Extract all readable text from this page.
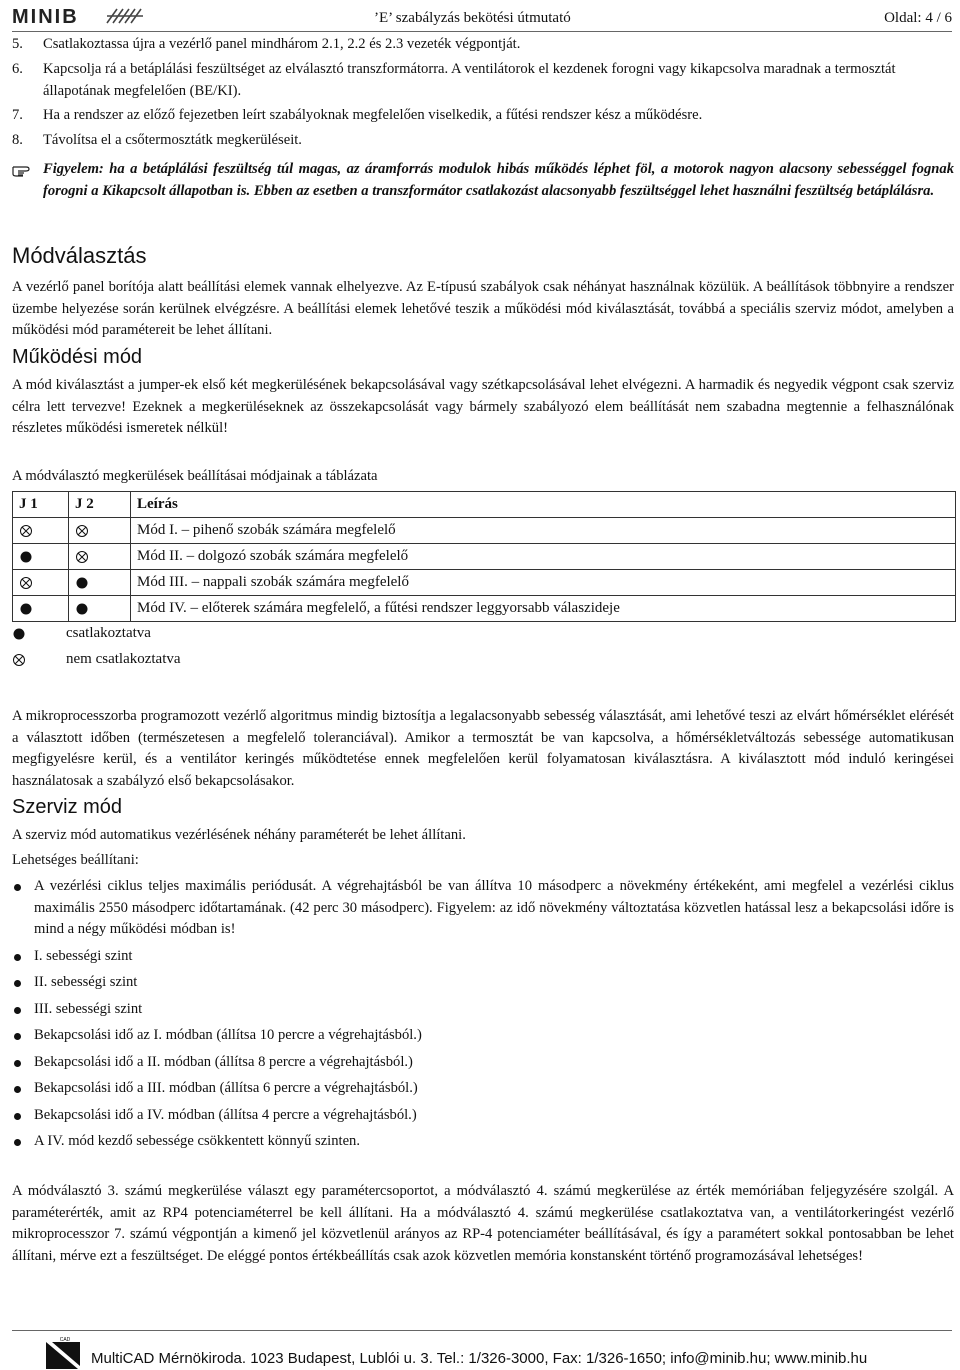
MINIB	’E’ szabályzás bekötési útmutató	Oldal: 4 / 6
5.	Csatlakoztassa újra a vezérlő panel mindhárom 2.1, 2.2 és 2.3 vezeték végpontját.
6.	Kapcsolja rá a betáplálási feszültséget az elválasztó transzformátorra. A ventilátorok el kezdenek forogni vagy kikapcsolva maradnak a termosztát állapotának megfelelően (BE/KI).
7.	Ha a rendszer az előző fejezetben leírt szabályoknak megfelelően viselkedik, a fűtési rendszer kész a működésre.
8.	Távolítsa el a csőtermosztátk megkerüléseit.
Figyelem: ha a betáplálási feszültség túl magas, az áramforrás modulok hibás működés léphet föl, a motorok nagyon alacsony sebességgel fognak forogni a Kikapcsolt állapotban is. Ebben az esetben a transzformátor csatlakozást alacsonyabb feszültséggel lehet használni feszültség betáplálásra.
Módválasztás
A vezérlő panel borítója alatt beállítási elemek vannak elhelyezve. Az E-típusú szabályok csak néhányat használnak közülük. A beállítások többnyire a rendszer üzembe helyezése során kerülnek elvégzésre. A beállítási elemek lehetővé teszik a működési mód kiválasztását, továbbá a speciális szerviz módot, amelyben a működési mód paramétereit be lehet állítani.
Működési mód
A mód kiválasztást a jumper-ek első két megkerülésének bekapcsolásával vagy szétkapcsolásával lehet elvégezni. A harmadik és negyedik végpont csak szerviz célra lett tervezve! Ezeknek a megkerüléseknek az összekapcsolását vagy bármely szabályozó elem beállítását nem szabadna megtennie a felhasználónak részletes működési ismeretek nélkül!
A módválasztó megkerülések beállításai módjainak a táblázata
J 1	J 2	Leírás
		Mód I. – pihenő szobák számára megfelelő
		Mód II. – dolgozó szobák számára megfelelő
		Mód III. – nappali szobák számára megfelelő
		Mód IV. – előterek számára megfelelő, a fűtési rendszer leggyorsabb válaszideje
csatlakoztatva
nem csatlakoztatva
A mikroprocesszorba programozott vezérlő algoritmus mindig biztosítja a legalacsonyabb sebesség választását, ami lehetővé teszi az elvárt hőmérséklet elérését a választott időben (természetesen a megfelelő toleranciával). Amikor a termosztát be van kapcsolva, a hőmérsékletváltozás sebessége automatikusan megfigyelésre kerül, és a ventilátor keringés működtetése ennek megfelelően kerül folyamatosan kiválasztásra. A kiválasztott mód induló keringései használatosak a szabályzó első bekapcsolásakor.
Szerviz mód
A szerviz mód automatikus vezérlésének néhány paraméterét be lehet állítani.
Lehetséges beállítani:
A vezérlési ciklus teljes maximális periódusát. A végrehajtásból be van állítva 10 másodperc a növekmény értékeként, ami megfelel a vezérlési ciklus maximális 2550 másodperc időtartamának. (42 perc 30 másodperc). Figyelem: az idő növekmény változtatása közvetlen hatással lesz a bekapcsolási időre is mind a négy működési módban is!
I. sebességi szint
II. sebességi szint
III. sebességi szint
Bekapcsolási idő az I. módban (állítsa 10 percre a végrehajtásból.)
Bekapcsolási idő a II. módban (állítsa 8 percre a végrehajtásból.)
Bekapcsolási idő a III. módban (állítsa 6 percre a végrehajtásból.)
Bekapcsolási idő a IV. módban (állítsa 4 percre a végrehajtásból.)
A IV. mód kezdő sebessége csökkentett könnyű szinten.
A módválasztó 3. számú megkerülése választ egy paramétercsoportot, a módválasztó 4. számú megkerülése az érték memóriában feljegyzésére szolgál. A paraméterérték, amit az RP4 potenciaméterrel be kell állítani. Ha a módválasztó 4. számú megkerülése csatlakoztatva van, a ventilátorkeringést vezérlő mikroprocesszor 7. számú végpontján a kimenő jel közvetlenül arányos az RP-4 potenciaméter beállításával, és így a paramétert sokkal pontosabban be lehet állítani, mérve ezt a feszültséget. De eléggé pontos értékbeállítás csak azok közvetlen memória konstansként történő programozásával lehetséges!
CAD
MultiCAD Mérnökiroda. 1023 Budapest, Lublói u. 3. Tel.: 1/326-3000, Fax: 1/326-1650; info@minib.hu; www.minib.hu
